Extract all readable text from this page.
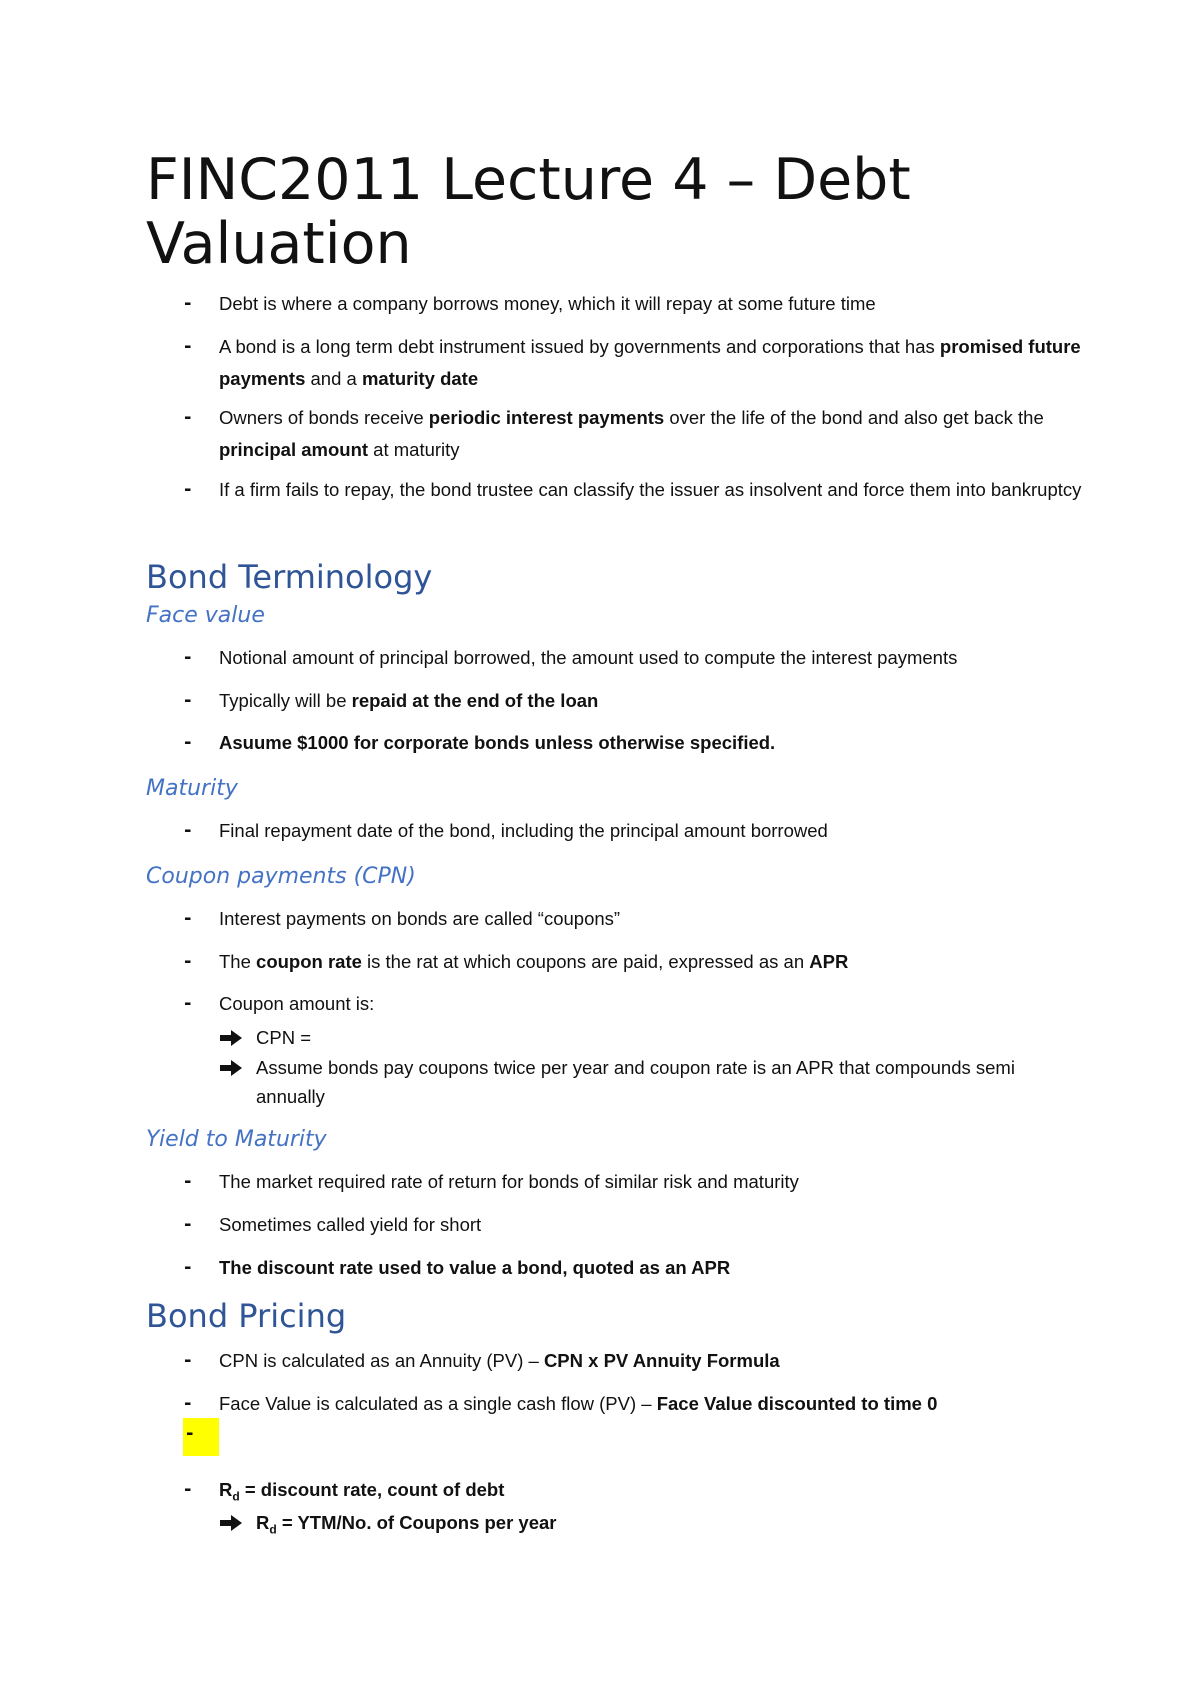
FINC2011 Lecture 4 – Debt Valuation
-	Debt is where a company borrows money, which it will repay at some future time
-	A bond is a long term debt instrument issued by governments and corporations that has promised future payments and a maturity date
-	Owners of bonds receive periodic interest payments over the life of the bond and also get back the principal amount at maturity
-	If a firm fails to repay, the bond trustee can classify the issuer as insolvent and force them into bankruptcy
Bond Terminology
Face value
-	Notional amount of principal borrowed, the amount used to compute the interest payments
-	Typically will be repaid at the end of the loan
-	Asuume $1000 for corporate bonds unless otherwise specified.
Maturity
-	Final repayment date of the bond, including the principal amount borrowed
Coupon payments (CPN)
-	Interest payments on bonds are called “coupons”
-	The coupon rate is the rat at which coupons are paid, expressed as an APR
-	Coupon amount is:
CPN =
Assume bonds pay coupons twice per year and coupon rate is an APR that compounds semi annually
Yield to Maturity
-	The market required rate of return for bonds of similar risk and maturity
-	Sometimes called yield for short
-	The discount rate used to value a bond, quoted as an APR
Bond Pricing
-	CPN is calculated as an Annuity (PV) – CPN x PV Annuity Formula
-	Face Value is calculated as a single cash flow (PV) – Face Value discounted to time 0
-
-	$R_d$ = discount rate, count of debt
$R_d = YTM/No$. of Coupons per year
